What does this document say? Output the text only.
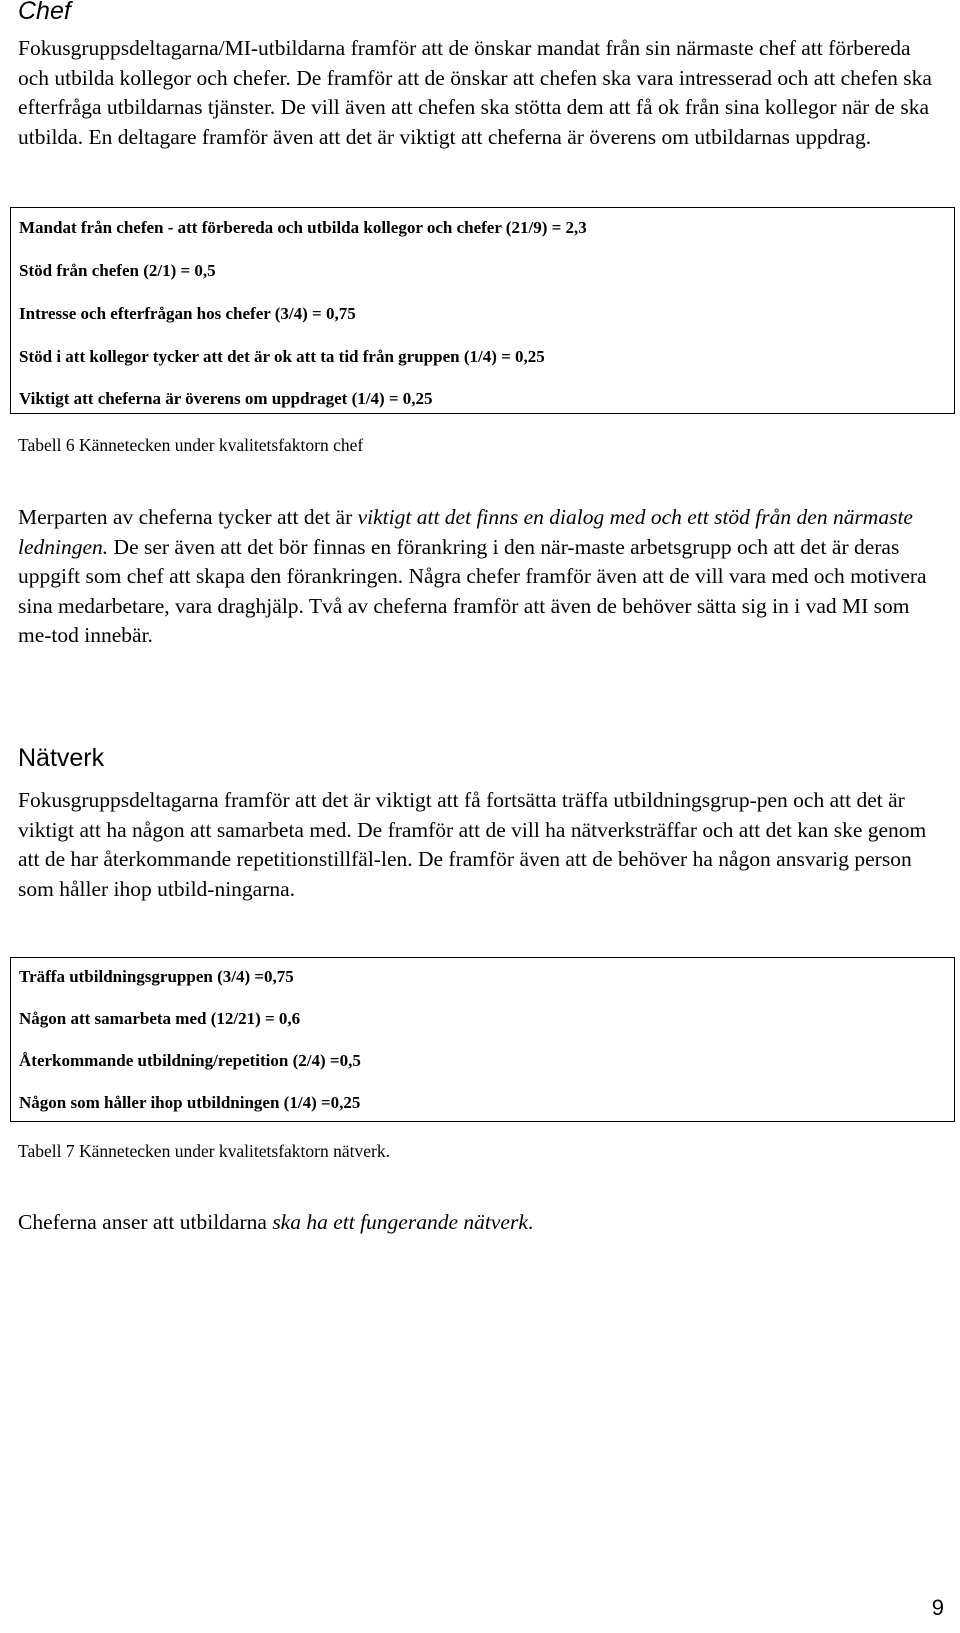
Chef

Fokusgruppsdeltagarna/MI-utbildarna framför att de önskar mandat från sin närmaste chef att förbereda och utbilda kollegor och chefer. De framför att de önskar att chefen ska vara intresserad och att chefen ska efterfråga utbildarnas tjänster. De vill även att chefen ska stötta dem att få ok från sina kollegor när de ska utbilda. En deltagare framför även att det är viktigt att cheferna är överens om utbildarnas uppdrag.

Mandat från chefen - att förbereda och utbilda kollegor och chefer (21/9) = 2,3
Stöd från chefen (2/1) = 0,5
Intresse och efterfrågan hos chefer (3/4) = 0,75
Stöd i att kollegor tycker att det är ok att ta tid från gruppen (1/4) = 0,25
Viktigt att cheferna är överens om uppdraget (1/4) = 0,25
Tabell 6 Kännetecken under kvalitetsfaktorn chef

Merparten av cheferna tycker att det är viktigt att det finns en dialog med och ett stöd från den närmaste ledningen. De ser även att det bör finnas en förankring i den när-maste arbetsgrupp och att det är deras uppgift som chef att skapa den förankringen. Några chefer framför även att de vill vara med och motivera sina medarbetare, vara draghjälp. Två av cheferna framför att även de behöver sätta sig in i vad MI som me-tod innebär.

Nätverk

Fokusgruppsdeltagarna framför att det är viktigt att få fortsätta träffa utbildningsgrup-pen och att det är viktigt att ha någon att samarbeta med. De framför att de vill ha nätverksträffar och att det kan ske genom att de har återkommande repetitionstillfäl-len. De framför även att de behöver ha någon ansvarig person som håller ihop utbild-ningarna.

Träffa utbildningsgruppen (3/4) =0,75
Någon att samarbeta med (12/21) = 0,6
Återkommande utbildning/repetition (2/4) =0,5
Någon som håller ihop utbildningen (1/4) =0,25
Tabell 7 Kännetecken under kvalitetsfaktorn nätverk.

Cheferna anser att utbildarna ska ha ett fungerande nätverk.

9
